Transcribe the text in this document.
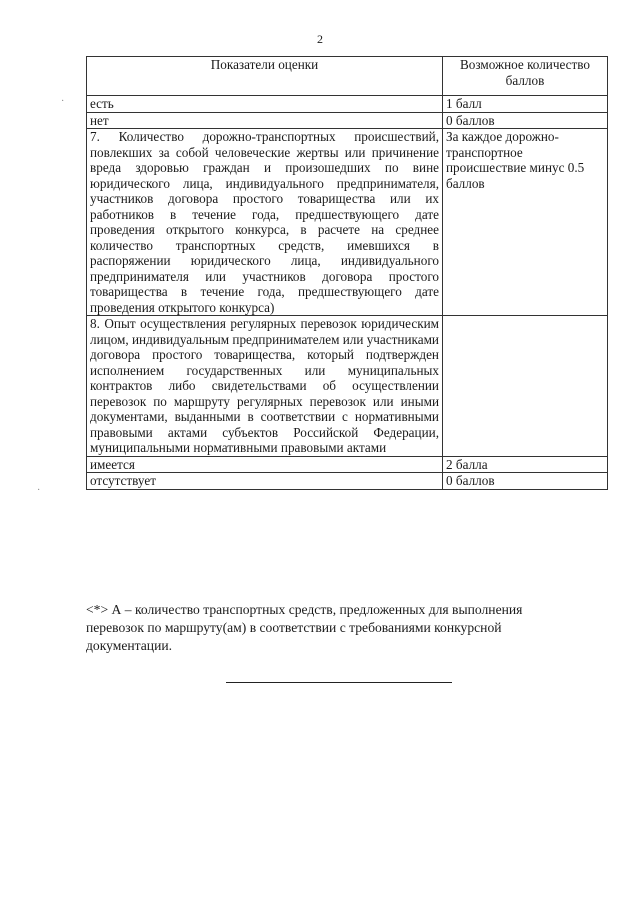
2
·
·
Показатели оценки	Возможное количество баллов
есть	1 балл
нет	0 баллов
7. Количество дорожно-транспортных происшествий, повлекших за собой человеческие жертвы или причинение вреда здоровью граждан и произошедших по вине юридического лица, индивидуального предпринимателя, участников договора простого товарищества или их работников в течение года, предшествующего дате проведения открытого конкурса, в расчете на среднее количество транспортных средств, имевшихся в распоряжении юридического лица, индивидуального предпринимателя или участников договора простого товарищества в течение года, предшествующего дате проведения открытого конкурса)	За каждое дорожно-транспортное происшествие минус 0.5 баллов
8. Опыт осуществления регулярных перевозок юридическим лицом, индивидуальным предпринимателем или участниками договора простого товарищества, который подтвержден исполнением государственных или муниципальных контрактов либо свидетельствами об осуществлении перевозок по маршруту регулярных перевозок или иными документами, выданными в соответствии с нормативными правовыми актами субъектов Российской Федерации, муниципальными нормативными правовыми актами	
имеется	2 балла
отсутствует	0 баллов
<*> А – количество транспортных средств, предложенных для выполнения перевозок по маршруту(ам) в соответствии с требованиями конкурсной документации.
